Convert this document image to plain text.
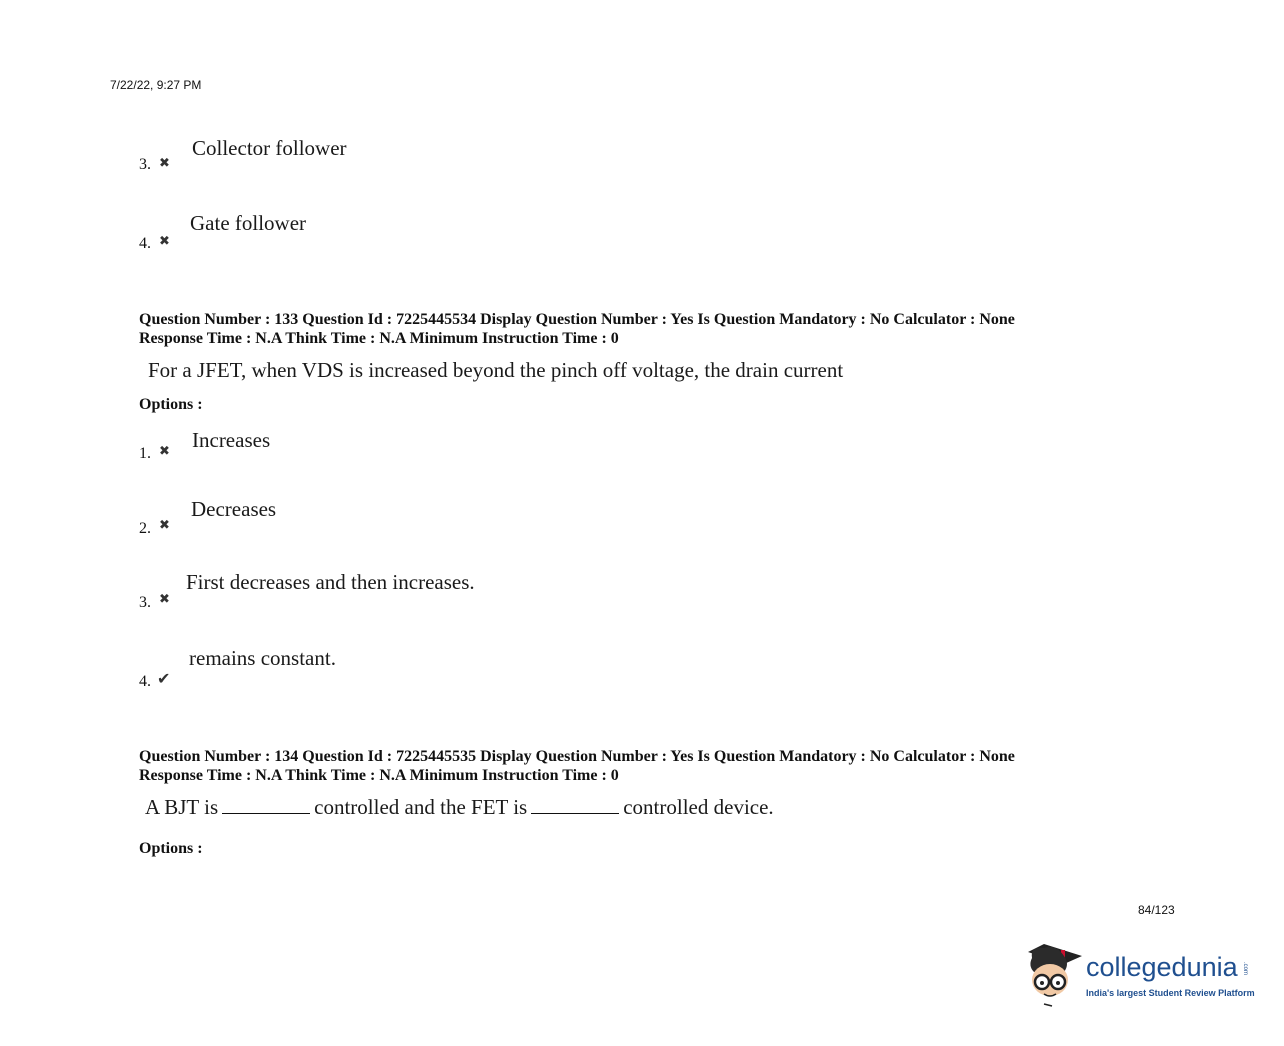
7/22/22, 9:27 PM
3. ✖
Collector follower
4. ✖
Gate follower
Question Number : 133 Question Id : 7225445534 Display Question Number : Yes Is Question Mandatory : No Calculator : None
Response Time : N.A Think Time : N.A Minimum Instruction Time : 0
For a JFET, when VDS is increased beyond the pinch off voltage, the drain current
Options :
1. ✖ Increases
2. ✖
Decreases
3. ✖
First decreases and then increases.
4. ✔
remains constant.
Question Number : 134 Question Id : 7225445535 Display Question Number : Yes Is Question Mandatory : No Calculator : None
Response Time : N.A Think Time : N.A Minimum Instruction Time : 0
A BJT is	controlled and the FET is	controlled device.
Options :
84/123
collegedunia .com
India's largest Student Review Platform
